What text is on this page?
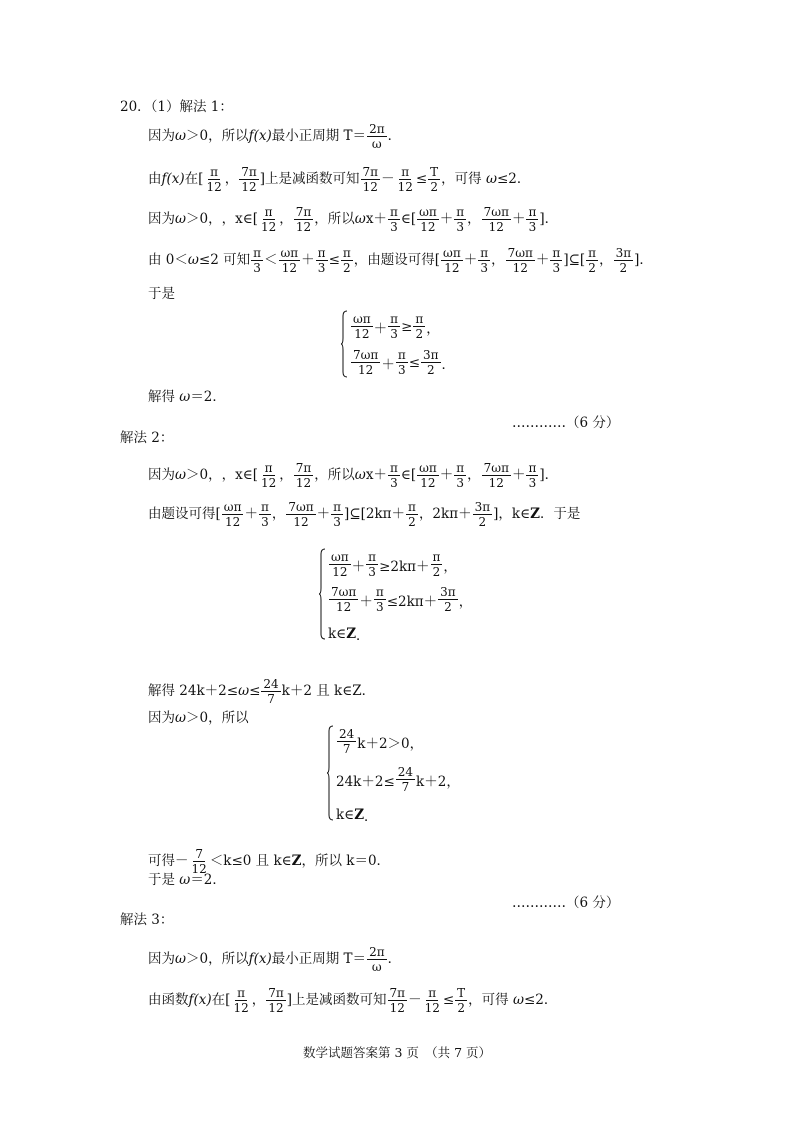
20．（1）解法 1：
因为 ω ＞0，所以 f(x) 最小正周期 T＝ 2π
ω
．
由 f(x) 在[ π
12
， 7π
12
]上是减函数可知 7π
12
－ $\frac{\pi}{12} \le \frac{T}{2}$ ，可得
ω ≤2．
因为 ω ＞0， ，x∈[ π
12
， 7π
12
，所以 ω x＋ π
3
∈[ ωπ
12
＋ π
3
， 7ωπ
12
＋ π
3
]．
由 0＜ ω ≤2 可知 π
3
＜ ωπ
12
＋ $\frac{\pi}{3} \le \frac{\pi}{2}$ ，由题设可得[ ωπ
12
＋ π
3
， 7ωπ
12
＋ π
3
]⊆[ π
2
， 3π
2
]．
于是
ωπ
$12 + \frac{\pi}{3} \ge \frac{\pi}{2}$ ，
7ωπ
$12 + \frac{\pi}{3} \le \frac{3\pi}{2}$ ．
解得
ω ＝2．
…………（6 分）
解法 2：
因为 ω ＞0， ，x∈[ π
12
， 7π
12
，所以 ω x＋ π
3
∈[ ωπ
12
＋ π
3
， 7ωπ
12
＋ π
3
]．
由题设可得[ ωπ
12
＋ π
3
， 7ωπ
12
＋ π
3
]⊆[2kπ＋ π
2
，2kπ＋ 3π
2
]，k∈ Z ．于是
ωπ
$12 + \frac{\pi}{3} \ge 2k\pi+$
π
2 ，
7ωπ
$12 + \frac{\pi}{3} \le 2k\pi+$
3π
2 ，
k∈ Z ．
解得 $24k+2\le \omega \le \frac{24}{7} k+2$ 且 k∈Z．
因为 ω ＞0，所以
24
7 k＋2＞0，
$24k+2\le \frac{24}{7} k+2$，
k∈ Z ．
可得－ 7
12
＜k≤0 且 k∈ Z ，所以 k＝0．
于是
ω ＝2．
…………（6 分）
解法 3：
因为 ω ＞0，所以 f(x) 最小正周期 T＝ 2π
ω
．
由函数 f(x) 在[ π
12
， 7π
12
]上是减函数可知 7π
12
－ $\frac{\pi}{12} \le \frac{T}{2}$ ，可得
ω ≤2．
数学试题答案第 3 页　（共 7 页）
